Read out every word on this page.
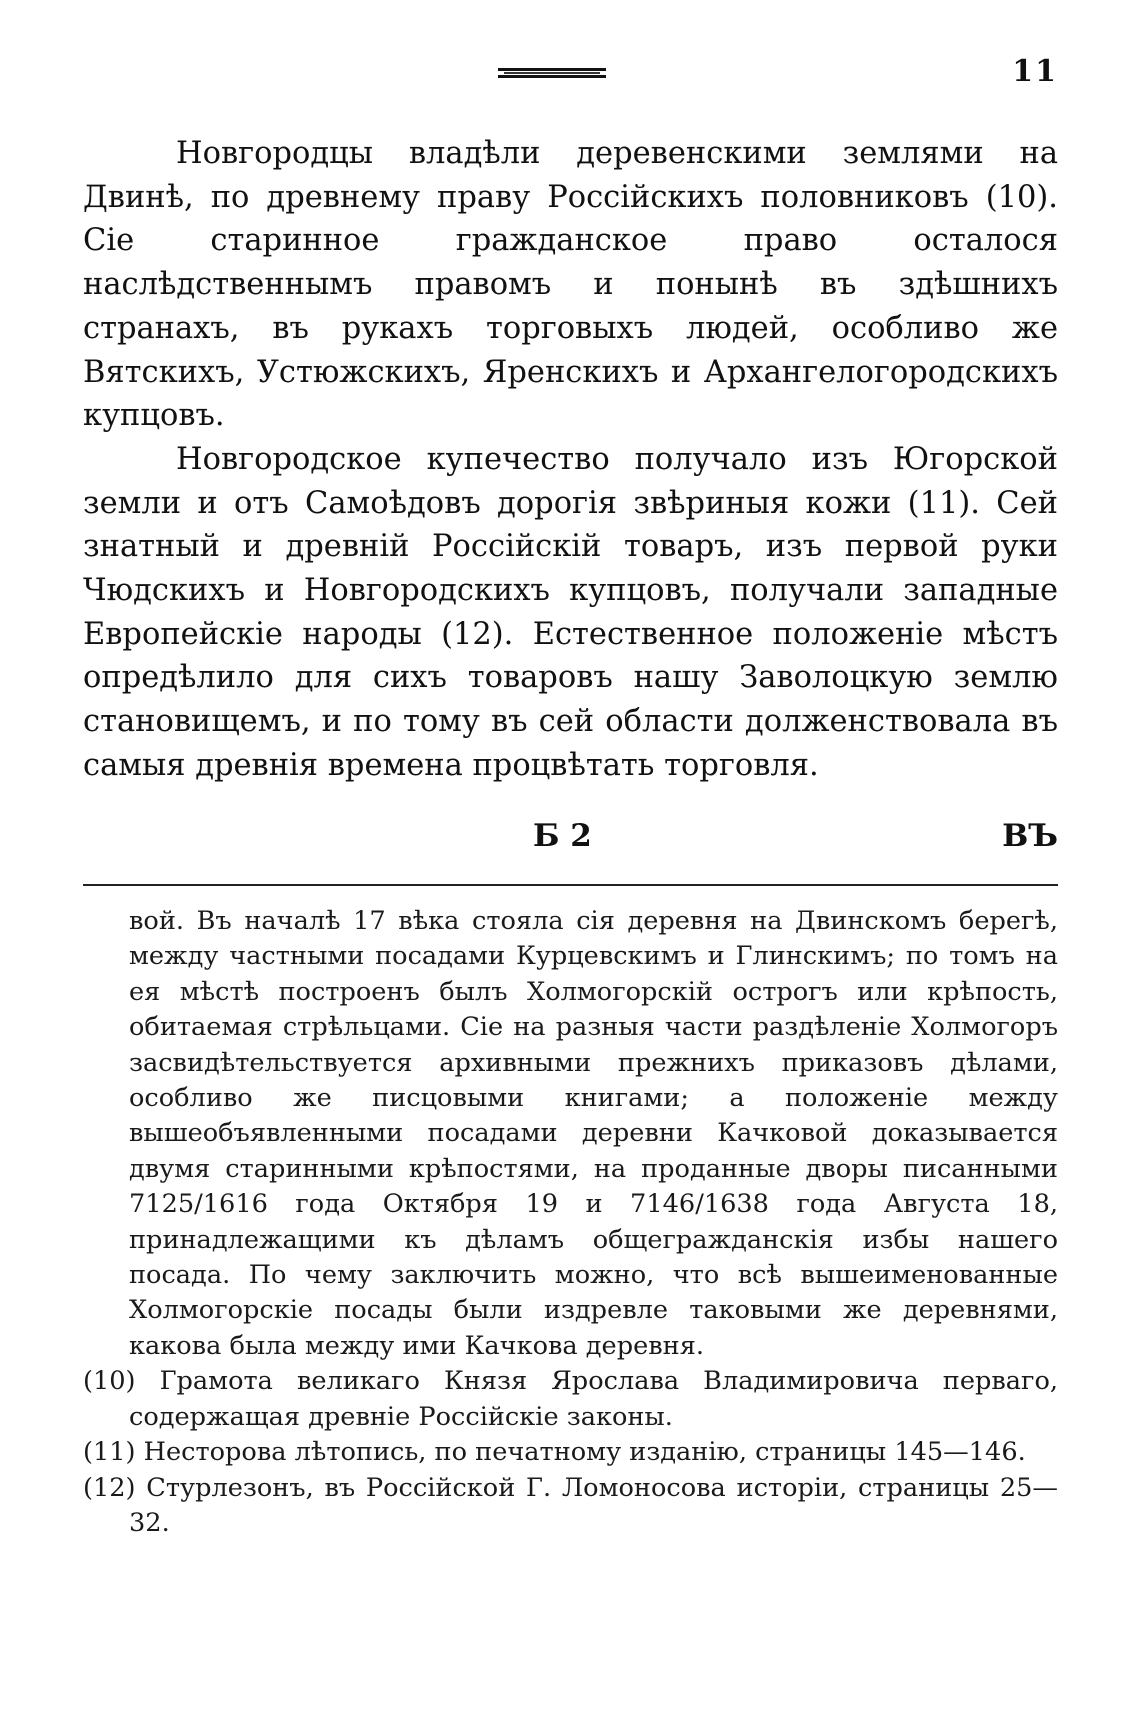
11

Новгородцы владѣли деревенскими землями на Двинѣ, по древнему праву Россійскихъ половниковъ (10). Сіе старинное гражданское право осталося наслѣдственнымъ правомъ и понынѣ въ здѣшнихъ странахъ, въ рукахъ торговыхъ людей, особливо же Вятскихъ, Устюжскихъ, Яренскихъ и Архангелогородскихъ купцовъ.

Новгородское купечество получало изъ Югорской земли и отъ Самоѣдовъ дорогія звѣриныя кожи (11). Сей знатный и древній Россійскій товаръ, изъ первой руки Чюдскихъ и Новгородскихъ купцовъ, получали западные Европейскіе народы (12). Естественное положеніе мѣстъ опредѣлило для сихъ товаровъ нашу Заволоцкую землю становищемъ, и по тому въ сей области долженствовала въ самыя древнія времена процвѣтать торговля.

Б 2	ВЪ

вой. Въ началѣ 17 вѣка стояла сія деревня на Двинскомъ берегѣ, между частными посадами Курцевскимъ и Глинскимъ; по томъ на ея мѣстѣ построенъ былъ Холмогорскій острогъ или крѣпость, обитаемая стрѣльцами. Сіе на разныя части раздѣленіе Холмогоръ засвидѣтельствуется архивными прежнихъ приказовъ дѣлами, особливо же писцовыми книгами; а положеніе между вышеобъявленными посадами деревни Качковой доказывается двумя старинными крѣпостями, на проданные дворы писанными 7125/1616 года Октября 19 и 7146/1638 года Августа 18, принадлежащими къ дѣламъ общегражданскія избы нашего посада. По чему заключить можно, что всѣ вышеименованные Холмогорскіе посады были издревле таковыми же деревнями, какова была между ими Качкова деревня.

(10) Грамота великаго Князя Ярослава Владимировича перваго, содержащая древніе Россійскіе законы.

(11) Несторова лѣтопись, по печатному изданію, страницы 145—146.

(12) Стурлезонъ, въ Россійской Г. Ломоносова исторіи, страницы 25—32.
